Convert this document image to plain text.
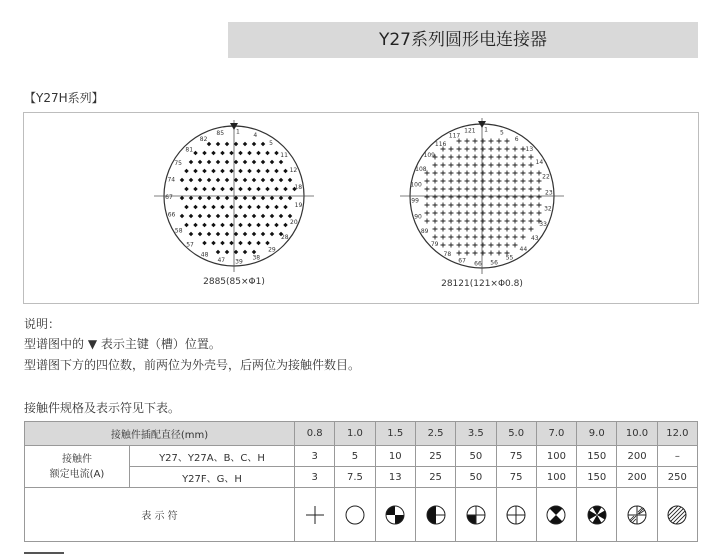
Y27系列圆形电连接器
【Y27H系列】
1 4
5
11
12
18
19
20
28
29
38
39
47
48
57
58
66
67
74
75
81
82
85
2885(85×Φ1)
1 5
6
13
14
22
23
32
33
43
44
55
56
66
67
78
79
89
90
99
100
108
109
116
117
121
28121(121×Φ0.8)
说明：
型谱图中的 ▼ 表示主键（槽）位置。
型谱图下方的四位数，前两位为外壳号，后两位为接触件数目。
接触件规格及表示符见下表。
接触件插配直径(mm)		0.8	1.0	1.5	2.5	3.5	5.0	7.0	9.0	10.0	12.0

接触件
额定电流(A)	Y27、Y27A、B、C、H	3	5	10	25	50	75	100	150	200	–
	Y27F、G、H	3	7.5	13	25	50	75	100	150	200	250
表 示 符	
